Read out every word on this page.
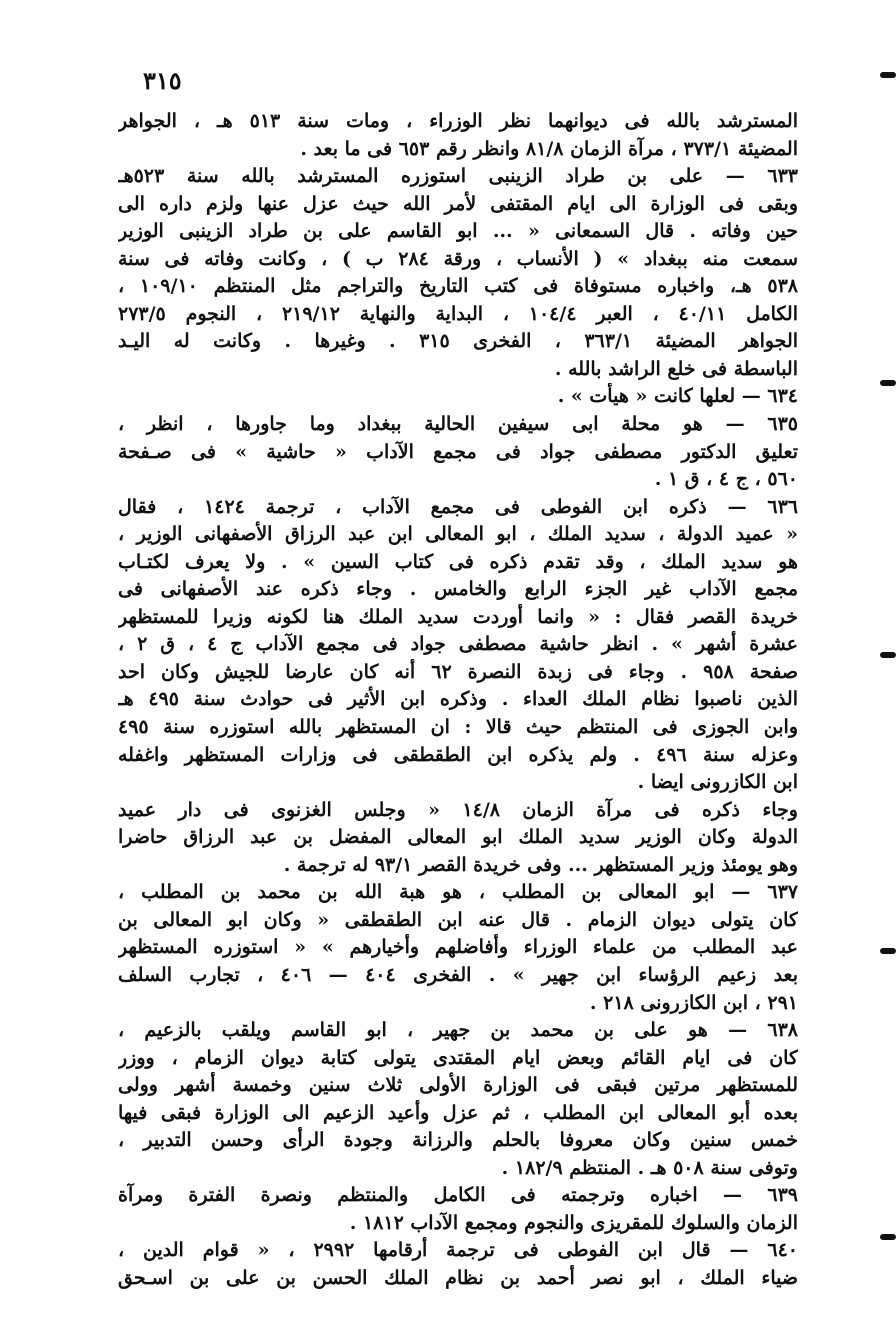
٣١٥
المسترشد بالله فى ديوانهما نظر الوزراء ، ومات سنة ٥١٣ هـ ، الجواهر
المضيئة ٣٧٣/١ ، مرآة الزمان ٨١/٨ وانظر رقم ٦٥٣ فى ما بعد .
٦٣٣ — على بن طراد الزينبى استوزره المسترشد بالله سنة ٥٢٣هـ
وبقى فى الوزارة الى ايام المقتفى لأمر الله حيث عزل عنها ولزم داره الى
حين وفاته . قال السمعانى « ... ابو القاسم على بن طراد الزينبى الوزير
سمعت منه ببغداد » ( الأنساب ، ورقة ٢٨٤ ب ) ، وكانت وفاته فى سنة
٥٣٨ هـ، واخباره مستوفاة فى كتب التاريخ والتراجم مثل المنتظم ١٠٩/١٠ ،
الكامل ٤٠/١١ ، العبر ١٠٤/٤ ، البداية والنهاية ٢١٩/١٢ ، النجوم ٢٧٣/٥
الجواهر المضيئة ٣٦٣/١ ، الفخرى ٣١٥ . وغيرها . وكانت له اليـد
الباسطة فى خلع الراشد بالله .
٦٣٤ — لعلها كانت « هيأت » .
٦٣٥ — هو محلة ابى سيفين الحالية ببغداد وما جاورها ، انظر ،
تعليق الدكتور مصطفى جواد فى مجمع الآداب « حاشية » فى صـفحة
٥٦٠ ، ج ٤ ، ق ١ .
٦٣٦ — ذكره ابن الفوطى فى مجمع الآداب ، ترجمة ١٤٢٤ ، فقال
« عميد الدولة ، سديد الملك ، ابو المعالى ابن عبد الرزاق الأصفهانى الوزير ،
هو سديد الملك ، وقد تقدم ذكره فى كتاب السين » . ولا يعرف لكتـاب
مجمع الآداب غير الجزء الرابع والخامس . وجاء ذكره عند الأصفهانى فى
خريدة القصر فقال : « وانما أوردت سديد الملك هنا لكونه وزيرا للمستظهر
عشرة أشهر » . انظر حاشية مصطفى جواد فى مجمع الآداب ج ٤ ، ق ٢ ،
صفحة ٩٥٨ . وجاء فى زبدة النصرة ٦٢ أنه كان عارضا للجيش وكان احد
الذين ناصبوا نظام الملك العداء . وذكره ابن الأثير فى حوادث سنة ٤٩٥ هـ
وابن الجوزى فى المنتظم حيث قالا : ان المستظهر بالله استوزره سنة ٤٩٥
وعزله سنة ٤٩٦ . ولم يذكره ابن الطقطقى فى وزارات المستظهر واغفله
ابن الكازرونى ايضا .
وجاء ذكره فى مرآة الزمان ١٤/٨ « وجلس الغزنوى فى دار عميد
الدولة وكان الوزير سديد الملك ابو المعالى المفضل بن عبد الرزاق حاضرا
وهو يومئذ وزير المستظهر ... وفى خريدة القصر ٩٣/١ له ترجمة .
٦٣٧ — ابو المعالى بن المطلب ، هو هبة الله بن محمد بن المطلب ،
كان يتولى ديوان الزمام . قال عنه ابن الطقطقى « وكان ابو المعالى بن
عبد المطلب من علماء الوزراء وأفاضلهم وأخيارهم » « استوزره المستظهر
بعد زعيم الرؤساء ابن جهير » . الفخرى ٤٠٤ — ٤٠٦ ، تجارب السلف
٢٩١ ، ابن الكازرونى ٢١٨ .
٦٣٨ — هو على بن محمد بن جهير ، ابو القاسم ويلقب بالزعيم ،
كان فى ايام القائم وبعض ايام المقتدى يتولى كتابة ديوان الزمام ، ووزر
للمستظهر مرتين فبقى فى الوزارة الأولى ثلاث سنين وخمسة أشهر وولى
بعده أبو المعالى ابن المطلب ، ثم عزل وأعيد الزعيم الى الوزارة فبقى فيها
خمس سنين وكان معروفا بالحلم والرزانة وجودة الرأى وحسن التدبير ،
وتوفى سنة ٥٠٨ هـ . المنتظم ١٨٢/٩ .
٦٣٩ — اخباره وترجمته فى الكامل والمنتظم ونصرة الفترة ومرآة
الزمان والسلوك للمقريزى والنجوم ومجمع الآداب ١٨١٢ .
٦٤٠ — قال ابن الفوطى فى ترجمة أرقامها ٢٩٩٢ ، « قوام الدين ،
ضياء الملك ، ابو نصر أحمد بن نظام الملك الحسن بن على بن اسـحق
